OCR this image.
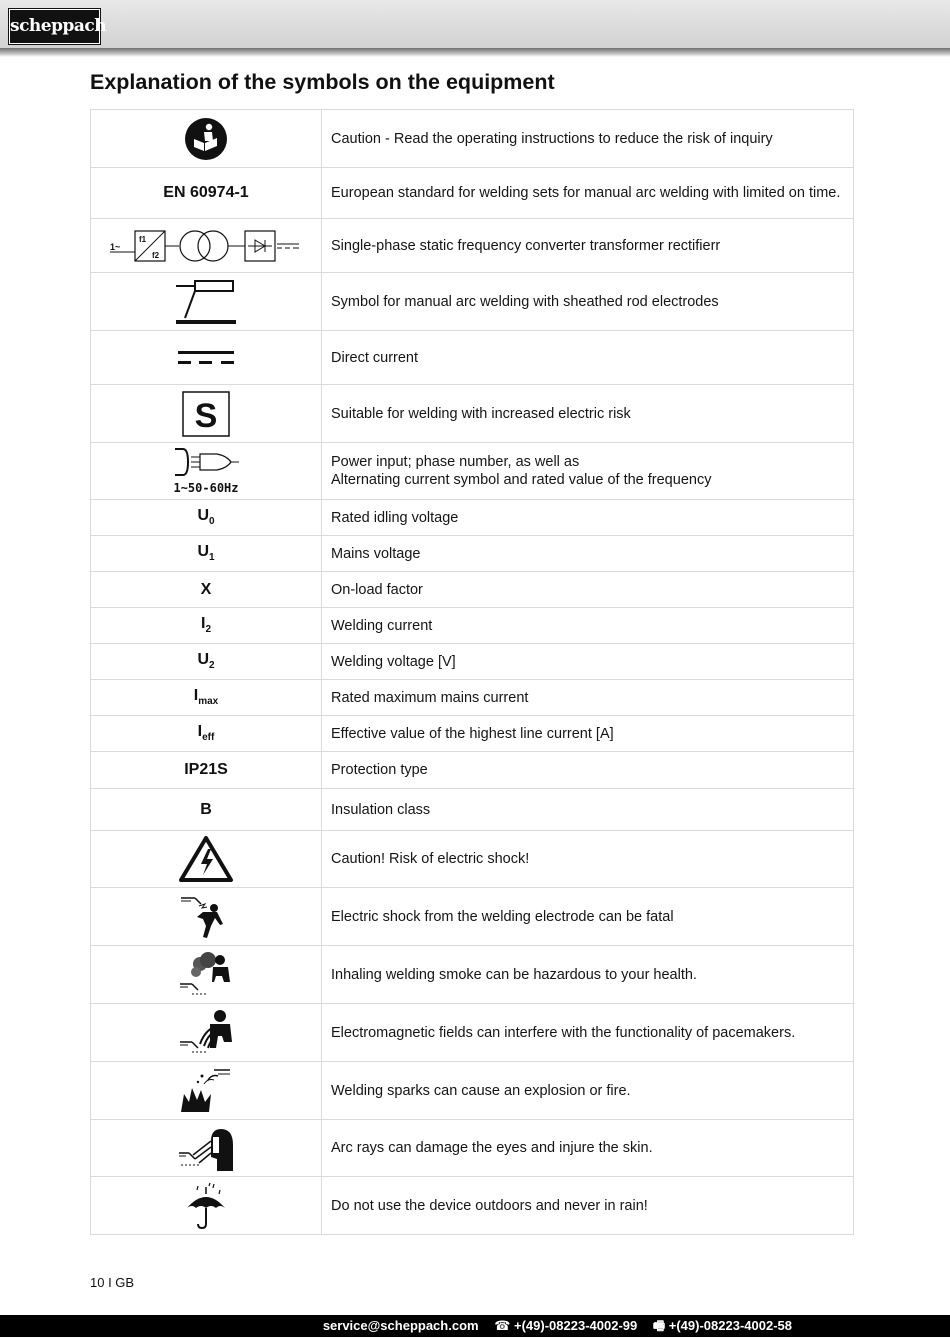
scheppach
Explanation of the symbols on the equipment
	Caution - Read the operating instructions to reduce the risk of inquiry
EN 60974-1	European standard for welding sets for manual arc welding with limited on time.

1~
f1
f2	Single-phase static frequency converter transformer rectifierr

	Symbol for manual arc welding with sheathed rod electrodes

	Direct current

S	Suitable for welding with increased electric risk

1~50-60Hz	Power input; phase number, as well as
Alternating current symbol and rated value of the frequency

$U_0$	Rated idling voltage
$U_1$	Mains voltage
X	On-load factor
$I_2$	Welding current
$U_2$	Welding voltage [V]
$I_{max}$	Rated maximum mains current
$I_{eff}$	Effective value of the highest line current [A]
IP21S	Protection type
B	Insulation class

	Caution! Risk of electric shock!

	Electric shock from the welding electrode can be fatal

	Inhaling welding smoke can be hazardous to your health.

	Electromagnetic fields can interfere with the functionality of pacemakers.

	Welding sparks can cause an explosion or fire.

	Arc rays can damage the eyes and injure the skin.

	Do not use the device outdoors and never in rain!
10 I GB
service@scheppach.com ☎ +(49)-08223-4002-99 🖷 +(49)-08223-4002-58
